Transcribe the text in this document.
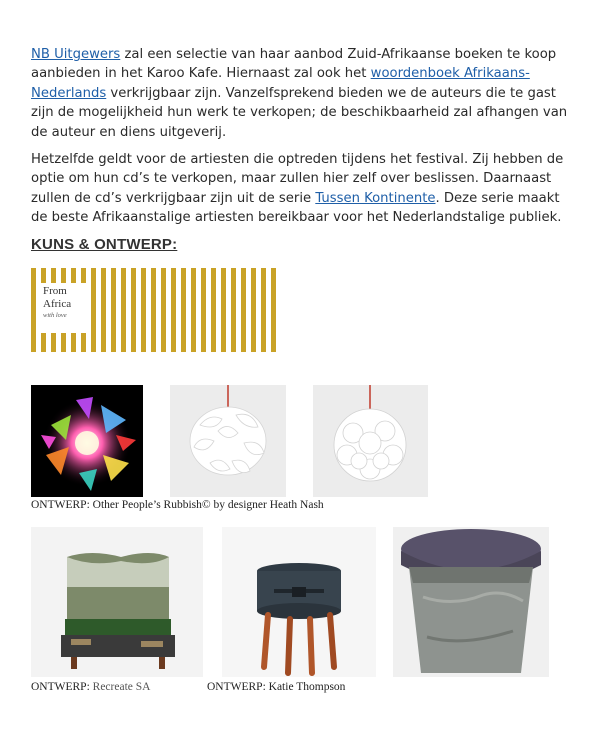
NB Uitgewers zal een selectie van haar aanbod Zuid-Afrikaanse boeken te koop aanbieden in het Karoo Kafe. Hiernaast zal ook het woordenboek Afrikaans-Nederlands verkrijgbaar zijn. Vanzelfsprekend bieden we de auteurs die te gast zijn de mogelijkheid hun werk te verkopen; de beschikbaarheid zal afhangen van de auteur en diens uitgeverij.

Hetzelfde geldt voor de artiesten die optreden tijdens het festival. Zij hebben de optie om hun cd’s te verkopen, maar zullen hier zelf over beslissen. Daarnaast zullen de cd’s verkrijgbaar zijn uit de serie Tussen Kontinente. Deze serie maakt de beste Afrikaanstalige artiesten bereikbaar voor het Nederlandstalige publiek.

KUNS & ONTWERP:
From
Africa
with love
ONTWERP: Other People’s Rubbish© by designer Heath Nash
ONTWERP: Recreate SA	ONTWERP: Katie Thompson
